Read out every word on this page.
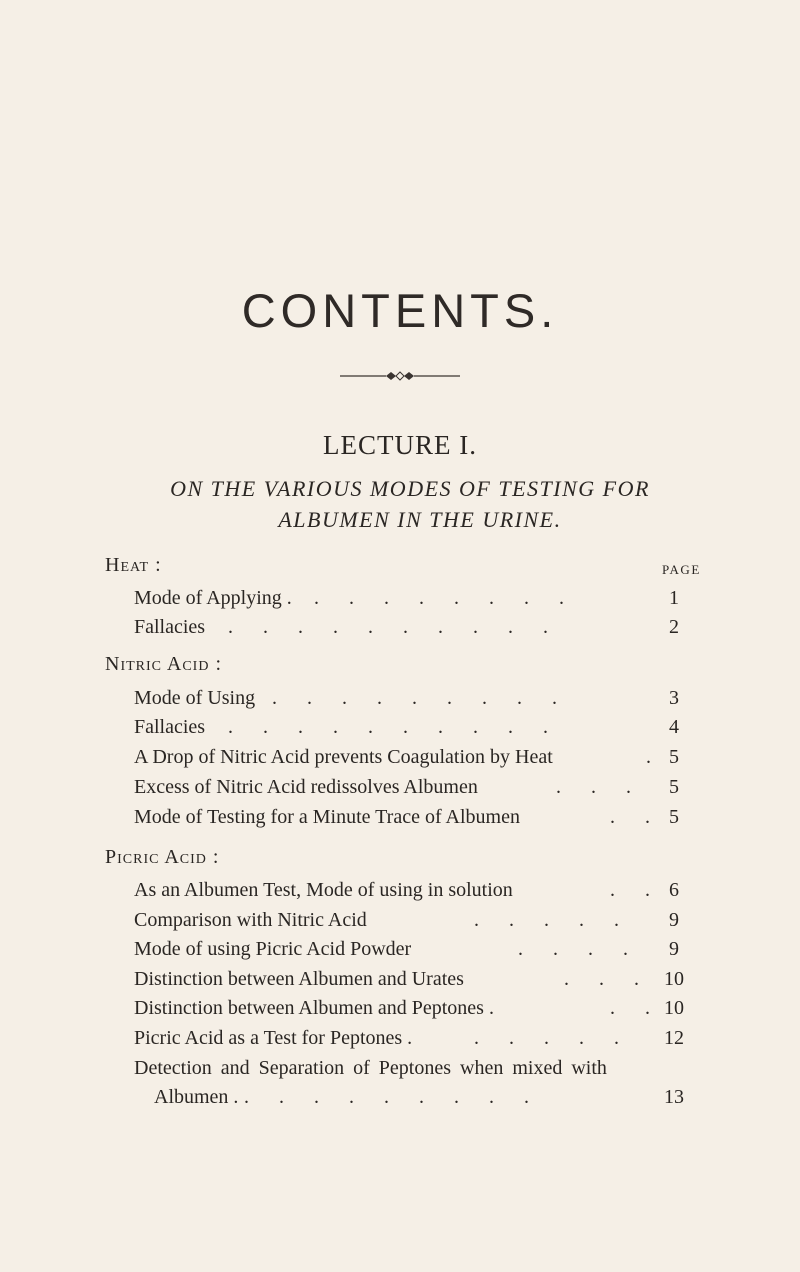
CONTENTS.
LECTURE I.
ON THE VARIOUS MODES OF TESTING FOR
ALBUMEN IN THE URINE.
PAGE
Heat :
Mode of Applying . .  .  .  .  .  .  .  .	1
Fallacies .  .  .  .  .  .  .  .  .  .	2
Nitric Acid :
Mode of Using .  .  .  .  .  .  .  .  .	3
Fallacies .  .  .  .  .  .  .  .  .  .	4
A Drop of Nitric Acid prevents Coagulation by Heat	. 5
Excess of Nitric Acid redissolves Albumen	.  .  .	5
Mode of Testing for a Minute Trace of Albumen	.  . 5
Picric Acid :
As an Albumen Test, Mode of using in solution	.  . 6
Comparison with Nitric Acid	.  .  .  .  .	9
Mode of using Picric Acid Powder	.  .  .  .	9
Distinction between Albumen and Urates	.  .  . 10
Distinction between Albumen and Peptones .	.  . 10
Picric Acid as a Test for Peptones .	.  .  .  .  . 12
Detection and Separation of Peptones when mixed with
Albumen . .  .  .  .  .  .  .  .  .	13
